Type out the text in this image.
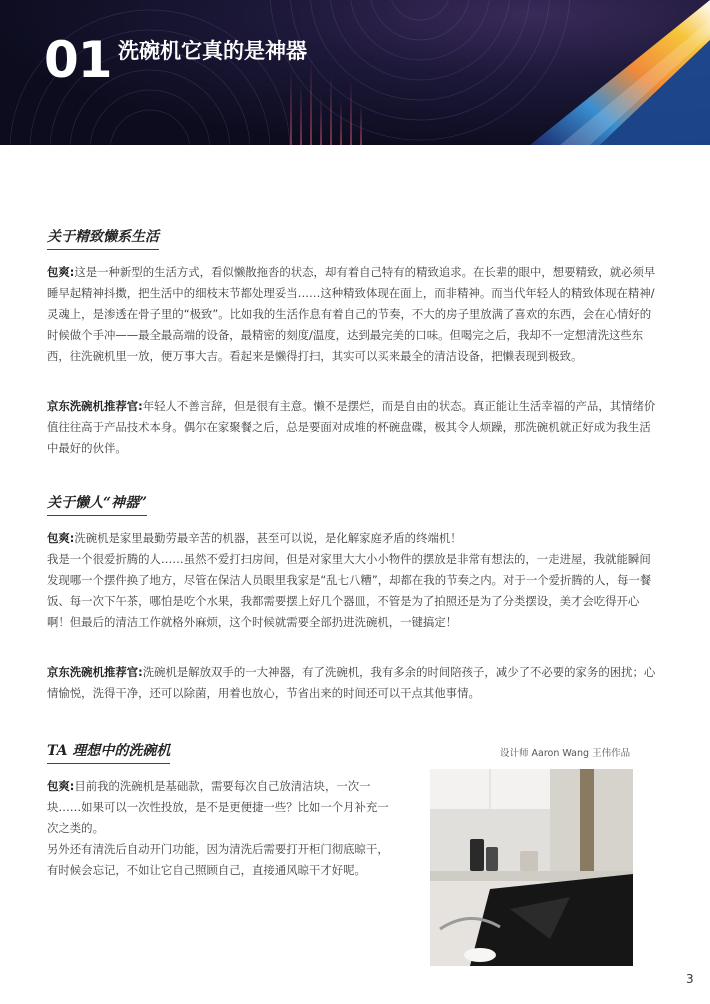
01 洗碗机它真的是神器
关于精致懒系生活
包爽:这是一种新型的生活方式，看似懒散拖沓的状态，却有着自己特有的精致追求。在长辈的眼中，想要精致，就必须早睡早起精神抖擞，把生活中的细枝末节都处理妥当……这种精致体现在面上，而非精神。而当代年轻人的精致体现在精神/灵魂上，是渗透在骨子里的“极致”。比如我的生活作息有着自己的节奏，不大的房子里放满了喜欢的东西，会在心情好的时候做个手冲——最全最高端的设备，最精密的刻度/温度，达到最完美的口味。但喝完之后，我却不一定想清洗这些东西，往洗碗机里一放，便万事大吉。看起来是懒得打扫，其实可以买来最全的清洁设备，把懒表现到极致。
京东洗碗机推荐官:年轻人不善言辞，但是很有主意。懒不是摆烂，而是自由的状态。真正能让生活幸福的产品，其情绪价值往往高于产品技术本身。偶尔在家聚餐之后，总是要面对成堆的杯碗盘碟，极其令人烦躁，那洗碗机就正好成为我生活中最好的伙伴。
关于懒人“神器”
包爽:洗碗机是家里最勤劳最辛苦的机器，甚至可以说，是化解家庭矛盾的终端机！
我是一个很爱折腾的人……虽然不爱打扫房间，但是对家里大大小小物件的摆放是非常有想法的，一走进屋，我就能瞬间发现哪一个摆件换了地方，尽管在保洁人员眼里我家是“乱七八糟”，却都在我的节奏之内。对于一个爱折腾的人，每一餐饭、每一次下午茶，哪怕是吃个水果，我都需要摆上好几个器皿，不管是为了拍照还是为了分类摆设，美才会吃得开心啊！但最后的清洁工作就格外麻烦，这个时候就需要全部扔进洗碗机，一键搞定！
京东洗碗机推荐官:洗碗机是解放双手的一大神器，有了洗碗机，我有多余的时间陪孩子，减少了不必要的家务的困扰；心情愉悦，洗得干净，还可以除菌，用着也放心，节省出来的时间还可以干点其他事情。
TA 理想中的洗碗机	设计师 Aaron Wang 王伟作品
包爽:目前我的洗碗机是基础款，需要每次自己放清洁块，一次一块……如果可以一次性投放，是不是更便捷一些？比如一个月补充一次之类的。
另外还有清洗后自动开门功能，因为清洗后需要打开柜门彻底晾干，有时候会忘记，不如让它自己照顾自己，直接通风晾干才好呢。
3
